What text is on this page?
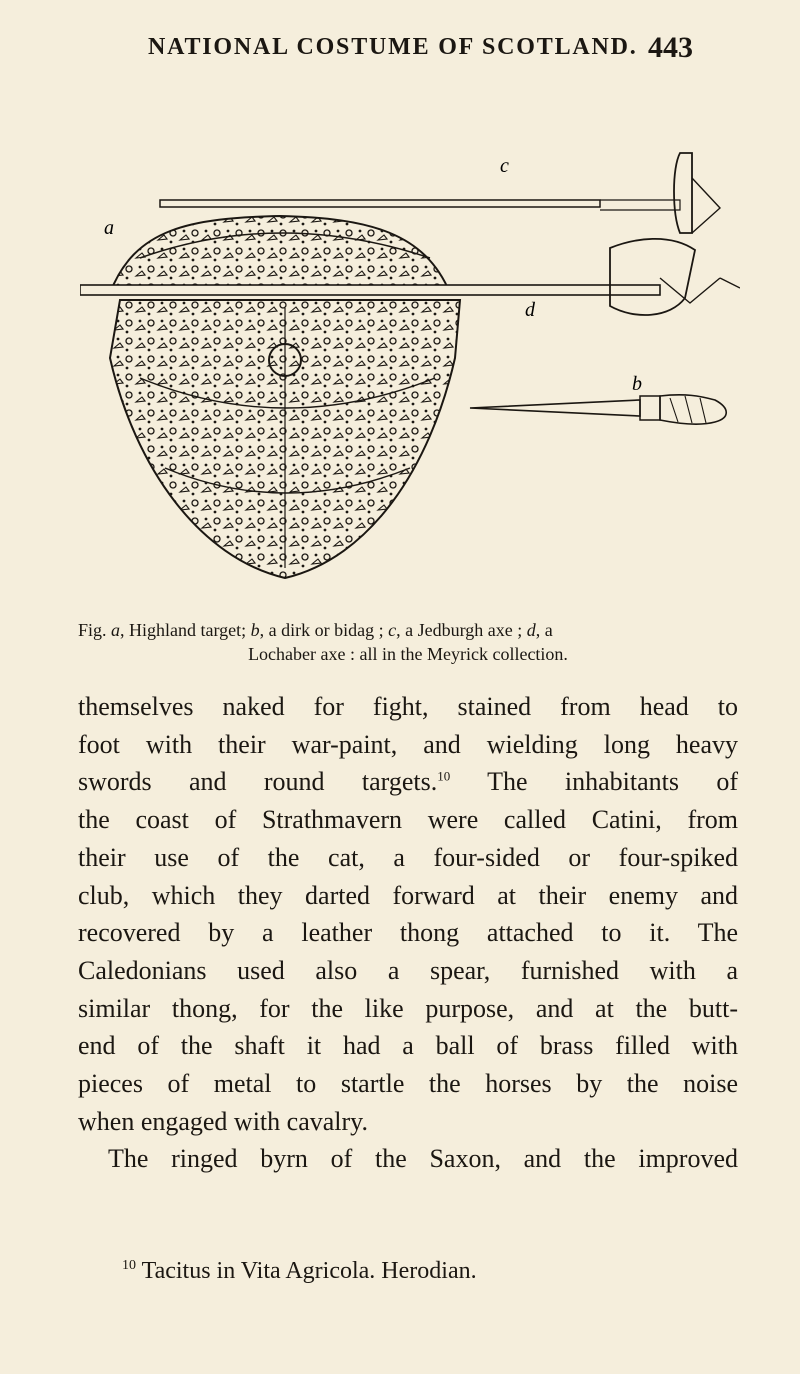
NATIONAL COSTUME OF SCOTLAND. 443
a
b
c
d
Fig. a, Highland target; b, a dirk or bidag ; c, a Jedburgh axe ; d, a
Lochaber axe : all in the Meyrick collection.
themselves naked for fight, stained from head to
foot with their war-paint, and wielding long heavy
swords and round targets.$^{10}$ The inhabitants of
the coast of Strathmavern were called Catini, from
their use of the cat, a four-sided or four-spiked
club, which they darted forward at their enemy and
recovered by a leather thong attached to it. The
Caledonians used also a spear, furnished with a
similar thong, for the like purpose, and at the butt-
end of the shaft it had a ball of brass filled with
pieces of metal to startle the horses by the noise
when engaged with cavalry.
The ringed byrn of the Saxon, and the improved
$^{10}$ Tacitus in Vita Agricola. Herodian.
